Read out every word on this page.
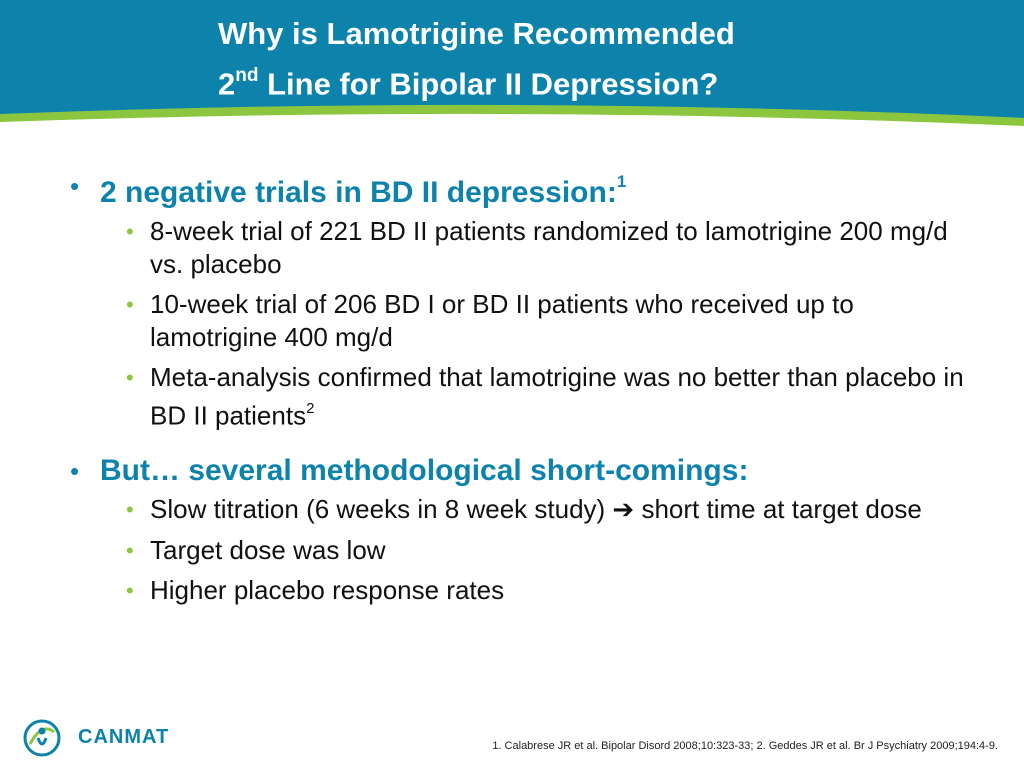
Why is Lamotrigine Recommended
2nd Line for Bipolar II Depression?
• 2 negative trials in BD II depression:$^1$
• 8-week trial of 221 BD II patients randomized to lamotrigine 200 mg/d vs. placebo
• 10-week trial of 206 BD I or BD II patients who received up to lamotrigine 400 mg/d
• Meta-analysis confirmed that lamotrigine was no better than placebo in BD II patients$^2$
• But… several methodological short-comings:
• Slow titration (6 weeks in 8 week study) ➔ short time at target dose
• Target dose was low
• Higher placebo response rates
CANMAT	1. Calabrese JR et al. Bipolar Disord 2008;10:323-33; 2. Geddes JR et al. Br J Psychiatry 2009;194:4-9.
